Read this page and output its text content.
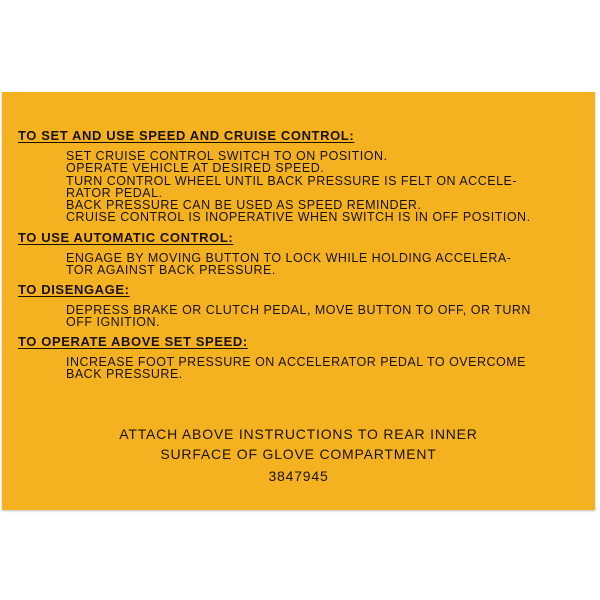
TO SET AND USE SPEED AND CRUISE CONTROL:
SET CRUISE CONTROL SWITCH TO ON POSITION.
OPERATE VEHICLE AT DESIRED SPEED.
TURN CONTROL WHEEL UNTIL BACK PRESSURE IS FELT ON ACCELE-
RATOR PEDAL.
BACK PRESSURE CAN BE USED AS SPEED REMINDER.
CRUISE CONTROL IS INOPERATIVE WHEN SWITCH IS IN OFF POSITION.
TO USE AUTOMATIC CONTROL:
ENGAGE BY MOVING BUTTON TO LOCK WHILE HOLDING ACCELERA-
TOR AGAINST BACK PRESSURE.
TO DISENGAGE:
DEPRESS BRAKE OR CLUTCH PEDAL, MOVE BUTTON TO OFF, OR TURN
OFF IGNITION.
TO OPERATE ABOVE SET SPEED:
INCREASE FOOT PRESSURE ON ACCELERATOR PEDAL TO OVERCOME
BACK PRESSURE.
ATTACH ABOVE INSTRUCTIONS TO REAR INNER
SURFACE OF GLOVE COMPARTMENT
3847945
